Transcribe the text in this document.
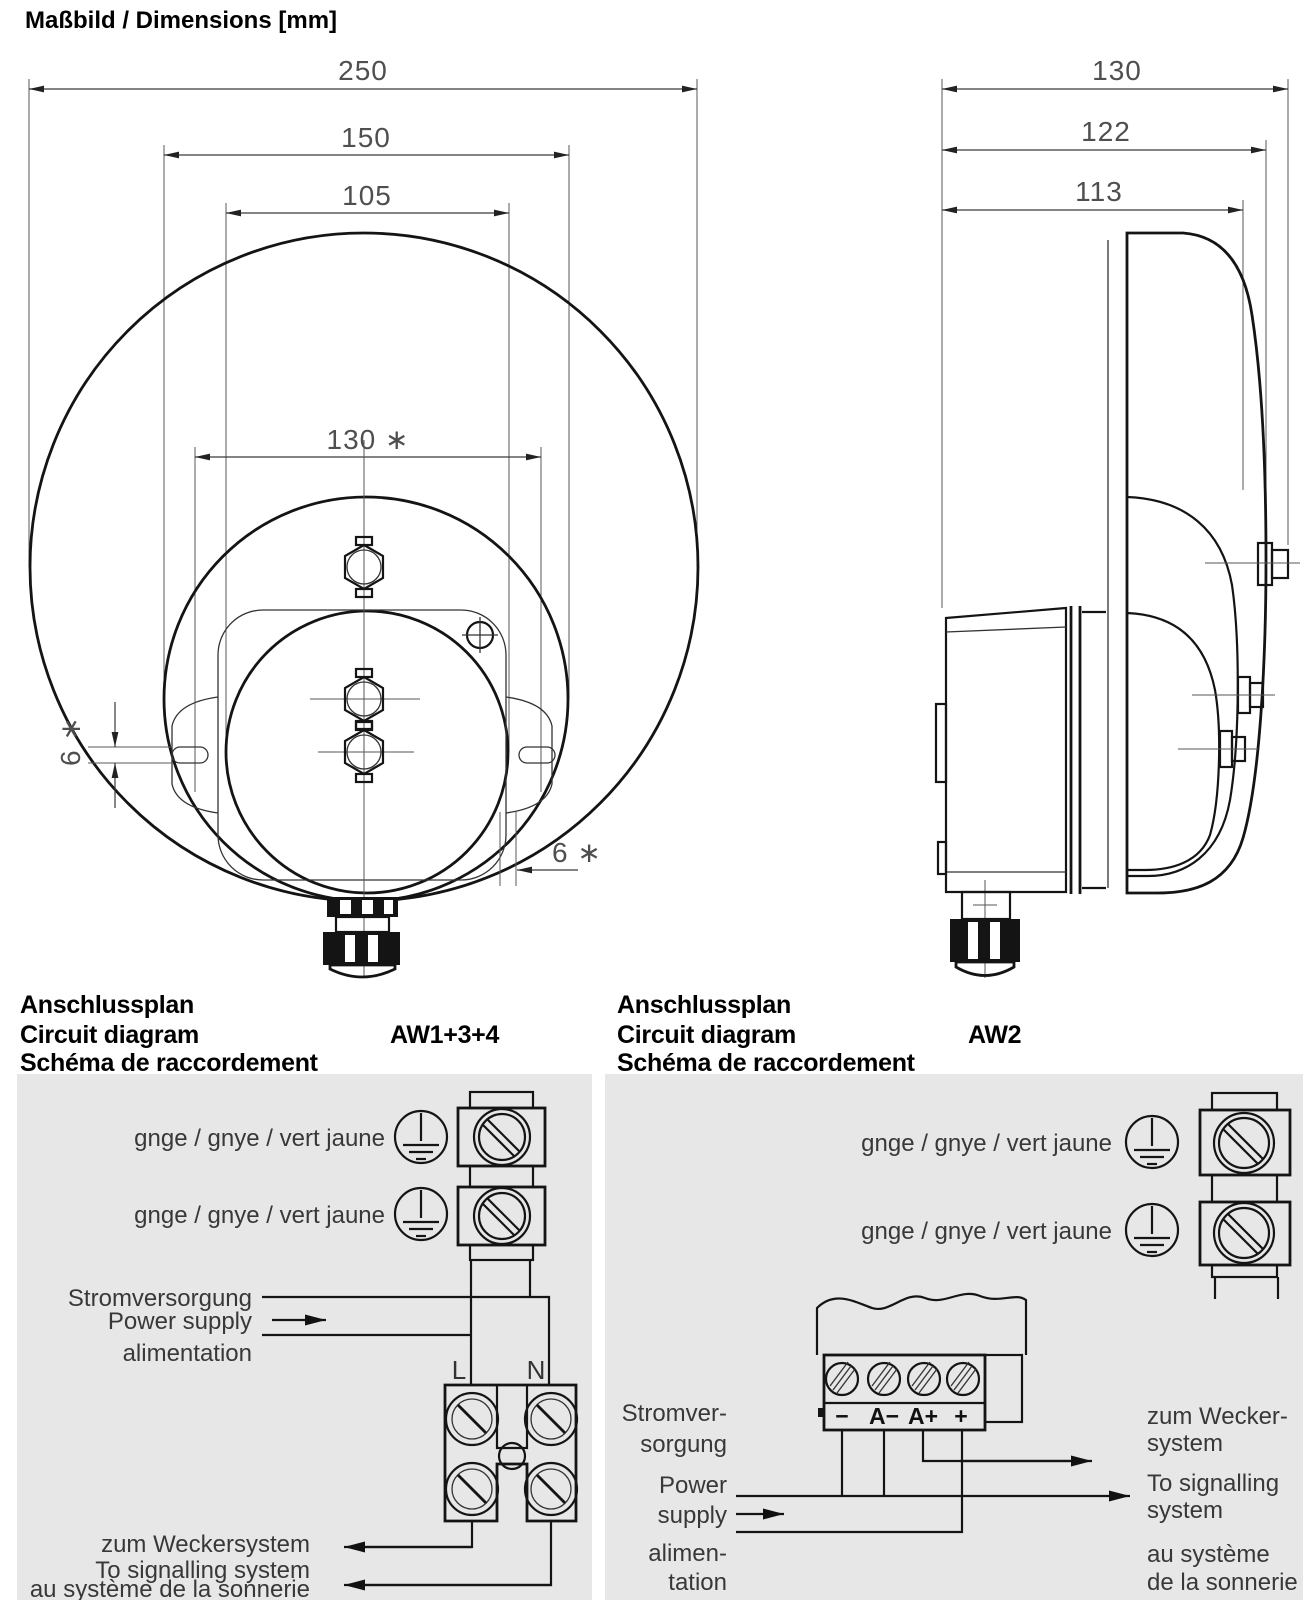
Maßbild / Dimensions [mm]
250
150
105
130 ∗
6 ∗
6 ∗
130
122
113
Anschlussplan
Circuit diagram
Schéma de raccordement
AW1+3+4
gnge / gnye / vert jaune
gnge / gnye / vert jaune
Stromversorgung
Power supply
alimentation
L N
zum Weckersystem
To signalling system
au système de la sonnerie
Anschlussplan
Circuit diagram
Schéma de raccordement
AW2
gnge / gnye / vert jaune
gnge / gnye / vert jaune
− A− A+ +
Stromver-
sorgung
Power
supply
alimen-
tation
zum Wecker-
system
To signalling
system
au système
de la sonnerie
